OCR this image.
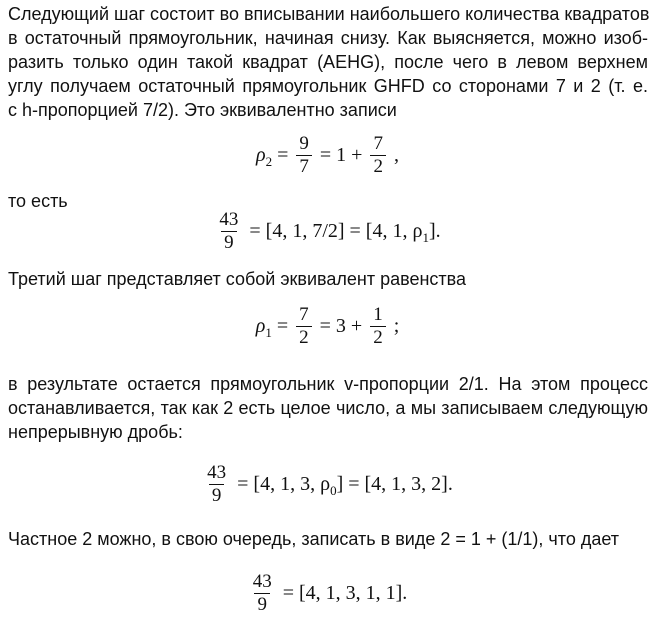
Следующий шаг состоит во вписывании наибольшего количества квадратов
в остаточный прямоугольник, начиная снизу. Как выясняется, можно изоб-
разить только один такой квадрат (AEHG), после чего в левом верхнем
углу получаем остаточный прямоугольник GHFD со сторонами 7 и 2 (т. е.
с h-пропорцией 7/2). Это эквивалентно записи
$\rho_2 = \frac{9}{7} = 1 + \frac{7}{2}$ ,
то есть
$\frac{43}{9} = [4$, 1, 7/2] = [4, 1, $\rho_1$].
Третий шаг представляет собой эквивалент равенства
$\rho_1 = \frac{7}{2} = 3 + \frac{1}{2}$ ;
в результате остается прямоугольник v-пропорции 2/1. На этом процесс
останавливается, так как 2 есть целое число, а мы записываем следующую
непрерывную дробь:
$\frac{43}{9} = [4$, 1, 3, $\rho_0] = [4$, 1, 3, 2].
Частное 2 можно, в свою очередь, записать в виде 2 = 1 + (1/1), что дает
$\frac{43}{9} = [4$, 1, 3, 1, 1].
